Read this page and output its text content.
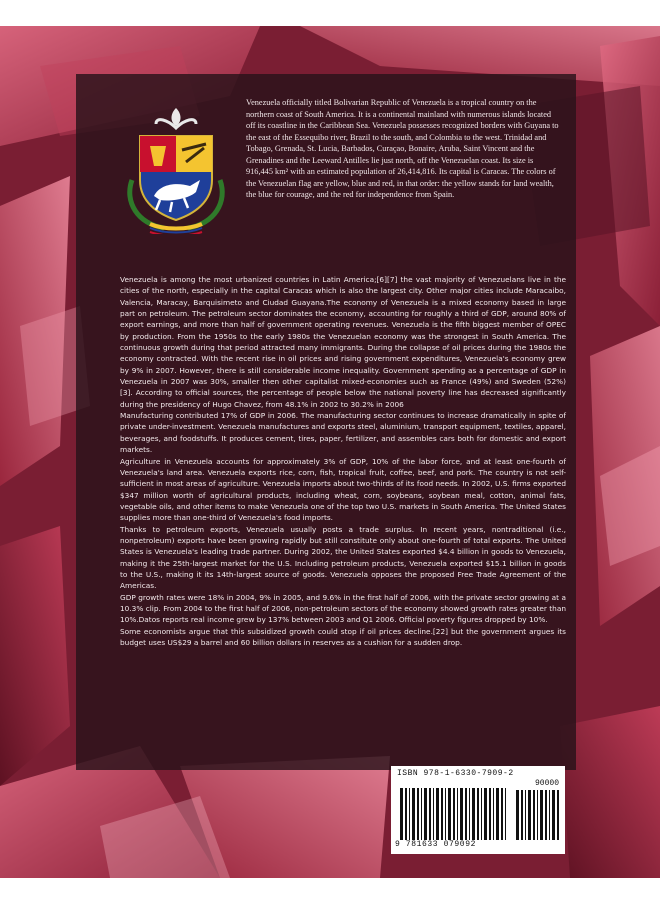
Venezuela officially titled Bolivarian Republic of Venezuela is a tropical country on the northern coast of South America. It is a continental mainland with numerous islands located off its coastline in the Caribbean Sea. Venezuela possesses recognized borders with Guyana to the east of the Essequibo river, Brazil to the south, and Colombia to the west. Trinidad and Tobago, Grenada, St. Lucia, Barbados, Curaçao, Bonaire, Aruba, Saint Vincent and the Grenadines and the Leeward Antilles lie just north, off the Venezuelan coast. Its size is 916,445 km² with an estimated population of 26,414,816. Its capital is Caracas. The colors of the Venezuelan flag are yellow, blue and red, in that order: the yellow stands for land wealth, the blue for courage, and the red for independence from Spain.

Venezuela is among the most urbanized countries in Latin America;[6][7] the vast majority of Venezuelans live in the cities of the north, especially in the capital Caracas which is also the largest city. Other major cities include Maracaibo, Valencia, Maracay, Barquisimeto and Ciudad Guayana.The economy of Venezuela is a mixed economy based in large part on petroleum. The petroleum sector dominates the economy, accounting for roughly a third of GDP, around 80% of export earnings, and more than half of government operating revenues. Venezuela is the fifth biggest member of OPEC by production. From the 1950s to the early 1980s the Venezuelan economy was the strongest in South America. The continuous growth during that period attracted many immigrants. During the collapse of oil prices during the 1980s the economy contracted. With the recent rise in oil prices and rising government expenditures, Venezuela's economy grew by 9% in 2007. However, there is still considerable income inequality. Government spending as a percentage of GDP in Venezuela in 2007 was 30%, smaller then other capitalist mixed-economies such as France (49%) and Sweden (52%) [3]. According to official sources, the percentage of people below the national poverty line has decreased significantly during the presidency of Hugo Chavez, from 48.1% in 2002 to 30.2% in 2006

Manufacturing contributed 17% of GDP in 2006. The manufacturing sector continues to increase dramatically in spite of private under-investment. Venezuela manufactures and exports steel, aluminium, transport equipment, textiles, apparel, beverages, and foodstuffs. It produces cement, tires, paper, fertilizer, and assembles cars both for domestic and export markets.

Agriculture in Venezuela accounts for approximately 3% of GDP, 10% of the labor force, and at least one-fourth of Venezuela's land area. Venezuela exports rice, corn, fish, tropical fruit, coffee, beef, and pork. The country is not self-sufficient in most areas of agriculture. Venezuela imports about two-thirds of its food needs. In 2002, U.S. firms exported $347 million worth of agricultural products, including wheat, corn, soybeans, soybean meal, cotton, animal fats, vegetable oils, and other items to make Venezuela one of the top two U.S. markets in South America. The United States supplies more than one-third of Venezuela's food imports.

Thanks to petroleum exports, Venezuela usually posts a trade surplus. In recent years, nontraditional (i.e., nonpetroleum) exports have been growing rapidly but still constitute only about one-fourth of total exports. The United States is Venezuela's leading trade partner. During 2002, the United States exported $4.4 billion in goods to Venezuela, making it the 25th-largest market for the U.S. Including petroleum products, Venezuela exported $15.1 billion in goods to the U.S., making it its 14th-largest source of goods. Venezuela opposes the proposed Free Trade Agreement of the Americas.

GDP growth rates were 18% in 2004, 9% in 2005, and 9.6% in the first half of 2006, with the private sector growing at a 10.3% clip. From 2004 to the first half of 2006, non-petroleum sectors of the economy showed growth rates greater than 10%.Datos reports real income grew by 137% between 2003 and Q1 2006. Official poverty figures dropped by 10%.

Some economists argue that this subsidized growth could stop if oil prices decline.[22] but the government argues its budget uses US$29 a barrel and 60 billion dollars in reserves as a cushion for a sudden drop.

ISBN 978-1-6330-7909-2
90000
9 781633 079092
